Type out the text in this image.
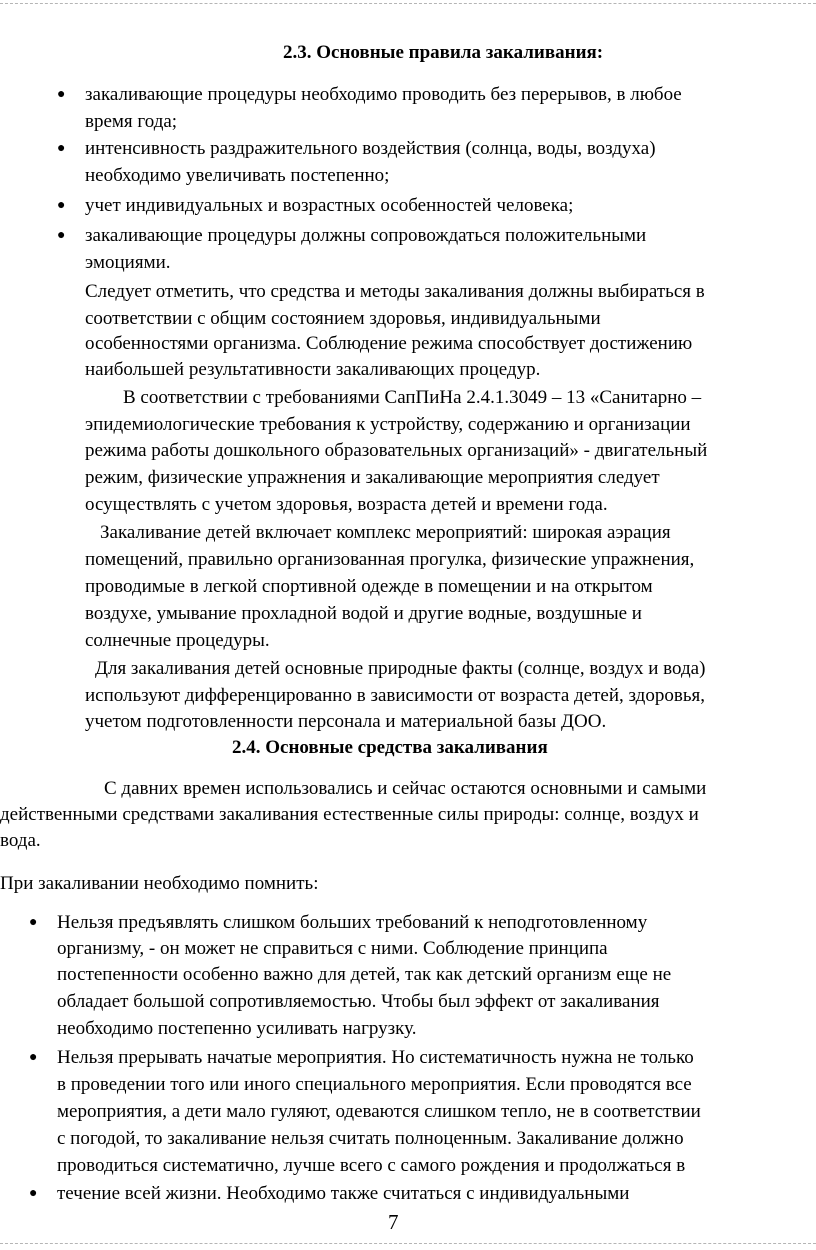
2.3. Основные правила закаливания:
● закаливающие процедуры необходимо проводить без перерывов, в любое

время года;

● интенсивность раздражительного воздействия (солнца, воды, воздуха)

необходимо увеличивать постепенно;

● учет индивидуальных и возрастных особенностей человека;

● закаливающие процедуры должны сопровождаться положительными

эмоциями.

Следует отметить, что средства и методы закаливания должны выбираться в

соответствии с общим состоянием здоровья, индивидуальными

особенностями организма. Соблюдение режима способствует достижению

наибольшей результативности закаливающих процедур.

В соответствии с требованиями СапПиНа 2.4.1.3049 – 13 «Санитарно –

эпидемиологические требования к устройству, содержанию и организации

режима работы дошкольного образовательных организаций» - двигательный

режим, физические упражнения и закаливающие мероприятия следует

осуществлять с учетом здоровья, возраста детей и времени года.

Закаливание детей включает комплекс мероприятий: широкая аэрация

помещений, правильно организованная прогулка, физические упражнения,

проводимые в легкой спортивной одежде в помещении и на открытом

воздухе, умывание прохладной водой и другие водные, воздушные и

солнечные процедуры.

Для закаливания детей основные природные факты (солнце, воздух и вода)

используют дифференцированно в зависимости от возраста детей, здоровья,

учетом подготовленности персонала и материальной базы ДОО.

2.4. Основные средства закаливания

С давних времен использовались и сейчас остаются основными и самыми

действенными средствами закаливания естественные силы природы: солнце, воздух и

вода.

При закаливании необходимо помнить:

● Нельзя предъявлять слишком больших требований к неподготовленному

организму, - он может не справиться с ними. Соблюдение принципа

постепенности особенно важно для детей, так как детский организм еще не

обладает большой сопротивляемостью. Чтобы был эффект от закаливания

необходимо постепенно усиливать нагрузку.

● Нельзя прерывать начатые мероприятия. Но систематичность нужна не только

в проведении того или иного специального мероприятия. Если проводятся все

мероприятия, а дети мало гуляют, одеваются слишком тепло, не в соответствии

с погодой, то закаливание нельзя считать полноценным. Закаливание должно

проводиться систематично, лучше всего с самого рождения и продолжаться в

● течение всей жизни. Необходимо также считаться с индивидуальными

7
